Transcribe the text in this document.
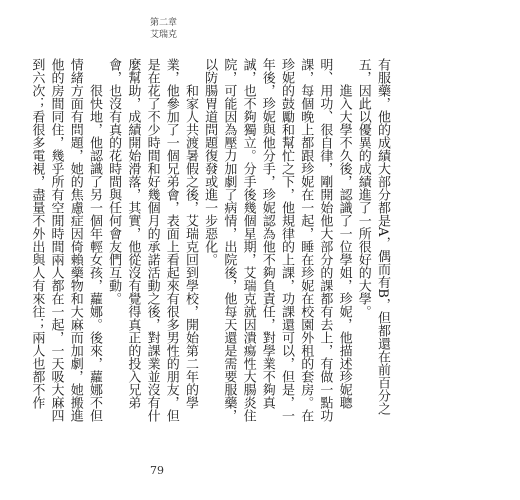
第二章
艾瑞克

有服藥，他的成績大部分都是A，偶而有B，但都還在前百分之五，因此以優異的成績進了一所很好的大學。

進入大學不久後，認識了一位學姐，珍妮，他描述珍妮聰明、用功、很自律，剛開始他大部分的課都有去上，有做一點功課，每個晚上都跟珍妮在一起，睡在珍妮在校園外租的套房。在珍妮的鼓勵和幫忙之下，他規律的上課，功課還可以，但是，一年後，珍妮與他分手，珍妮認為他不夠負責任，對學業不夠真誠，也不夠獨立。分手後幾個星期，艾瑞克就因潰瘍性大腸炎住院，可能因為壓力加劇了病情，出院後，他每天還是需要服藥，以防腸胃道問題復發或進一步惡化。

和家人共渡暑假之後，艾瑞克回到學校，開始第二年的學業，他參加了一個兄弟會，表面上看起來有很多男性的朋友，但是在花了不少時間和好幾個月的承諾活動之後，對課業並沒有什麼幫助，成績開始滑落，其實，他從沒有覺得真正的投入兄弟會，也沒有真的花時間與任何會友們互動。

很快地，他認識了另一個年輕女孩，蘿娜。後來，蘿娜不但情緒方面有問題，她的焦慮症因倚賴藥物和大麻而加劇，她搬進他的房間同住，幾乎所有空閒時間兩人都在一起，一天吸大麻四到六次；看很多電視，盡量不外出與人有來往；兩人也都不作

79
